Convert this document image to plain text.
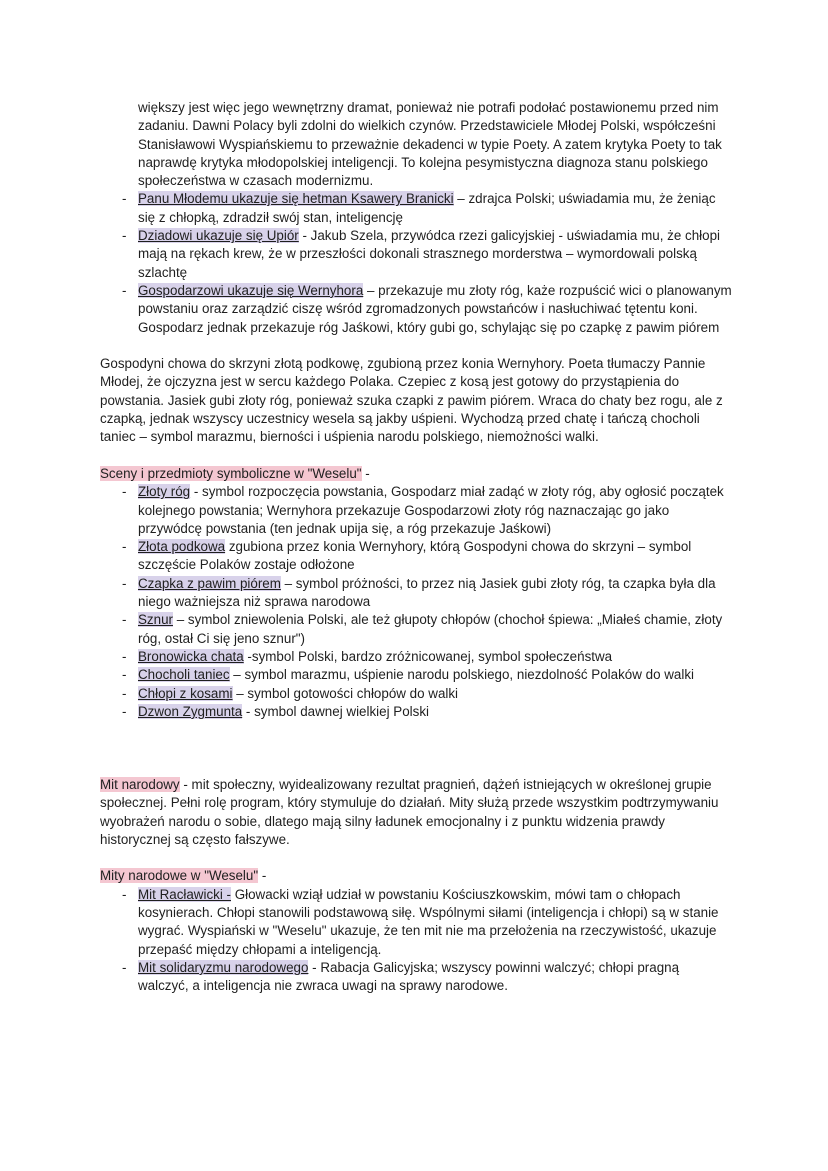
większy jest więc jego wewnętrzny dramat, ponieważ nie potrafi podołać postawionemu przed nim zadaniu. Dawni Polacy byli zdolni do wielkich czynów. Przedstawiciele Młodej Polski, współcześni Stanisławowi Wyspiańskiemu to przeważnie dekadenci w typie Poety. A zatem krytyka Poety to tak naprawdę krytyka młodopolskiej inteligencji. To kolejna pesymistyczna diagnoza stanu polskiego społeczeństwa w czasach modernizmu.
- Panu Młodemu ukazuje się hetman Ksawery Branicki – zdrajca Polski; uświadamia mu, że żeniąc się z chłopką, zdradził swój stan, inteligencję
- Dziadowi ukazuje się Upiór - Jakub Szela, przywódca rzezi galicyjskiej - uświadamia mu, że chłopi mają na rękach krew, że w przeszłości dokonali strasznego morderstwa – wymordowali polską szlachtę
- Gospodarzowi ukazuje się Wernyhora – przekazuje mu złoty róg, każe rozpuścić wici o planowanym powstaniu oraz zarządzić ciszę wśród zgromadzonych powstańców i nasłuchiwać tętentu koni. Gospodarz jednak przekazuje róg Jaśkowi, który gubi go, schylając się po czapkę z pawim piórem
Gospodyni chowa do skrzyni złotą podkowę, zgubioną przez konia Wernyhory. Poeta tłumaczy Pannie Młodej, że ojczyzna jest w sercu każdego Polaka. Czepiec z kosą jest gotowy do przystąpienia do powstania. Jasiek gubi złoty róg, ponieważ szuka czapki z pawim piórem. Wraca do chaty bez rogu, ale z czapką, jednak wszyscy uczestnicy wesela są jakby uśpieni. Wychodzą przed chatę i tańczą chocholi taniec – symbol marazmu, bierności i uśpienia narodu polskiego, niemożności walki.
Sceny i przedmioty symboliczne w "Weselu" -
- Złoty róg - symbol rozpoczęcia powstania, Gospodarz miał zadąć w złoty róg, aby ogłosić początek kolejnego powstania; Wernyhora przekazuje Gospodarzowi złoty róg naznaczając go jako przywódcę powstania (ten jednak upija się, a róg przekazuje Jaśkowi)
- Złota podkowa zgubiona przez konia Wernyhory, którą Gospodyni chowa do skrzyni – symbol szczęście Polaków zostaje odłożone
- Czapka z pawim piórem – symbol próżności, to przez nią Jasiek gubi złoty róg, ta czapka była dla niego ważniejsza niż sprawa narodowa
- Sznur – symbol zniewolenia Polski, ale też głupoty chłopów (chochoł śpiewa: „Miałeś chamie, złoty róg, ostał Ci się jeno sznur")
- Bronowicka chata -symbol Polski, bardzo zróżnicowanej, symbol społeczeństwa
- Chocholi taniec – symbol marazmu, uśpienie narodu polskiego, niezdolność Polaków do walki
- Chłopi z kosami – symbol gotowości chłopów do walki
- Dzwon Zygmunta - symbol dawnej wielkiej Polski
Mit narodowy - mit społeczny, wyidealizowany rezultat pragnień, dążeń istniejących w określonej grupie społecznej. Pełni rolę program, który stymuluje do działań. Mity służą przede wszystkim podtrzymywaniu wyobrażeń narodu o sobie, dlatego mają silny ładunek emocjonalny i z punktu widzenia prawdy historycznej są często fałszywe.
Mity narodowe w "Weselu" -
- Mit Racławicki - Głowacki wziął udział w powstaniu Kościuszkowskim, mówi tam o chłopach kosynierach. Chłopi stanowili podstawową siłę. Wspólnymi siłami (inteligencja i chłopi) są w stanie wygrać. Wyspiański w "Weselu" ukazuje, że ten mit nie ma przełożenia na rzeczywistość, ukazuje przepaść między chłopami a inteligencją.
- Mit solidaryzmu narodowego - Rabacja Galicyjska; wszyscy powinni walczyć; chłopi pragną walczyć, a inteligencja nie zwraca uwagi na sprawy narodowe.
